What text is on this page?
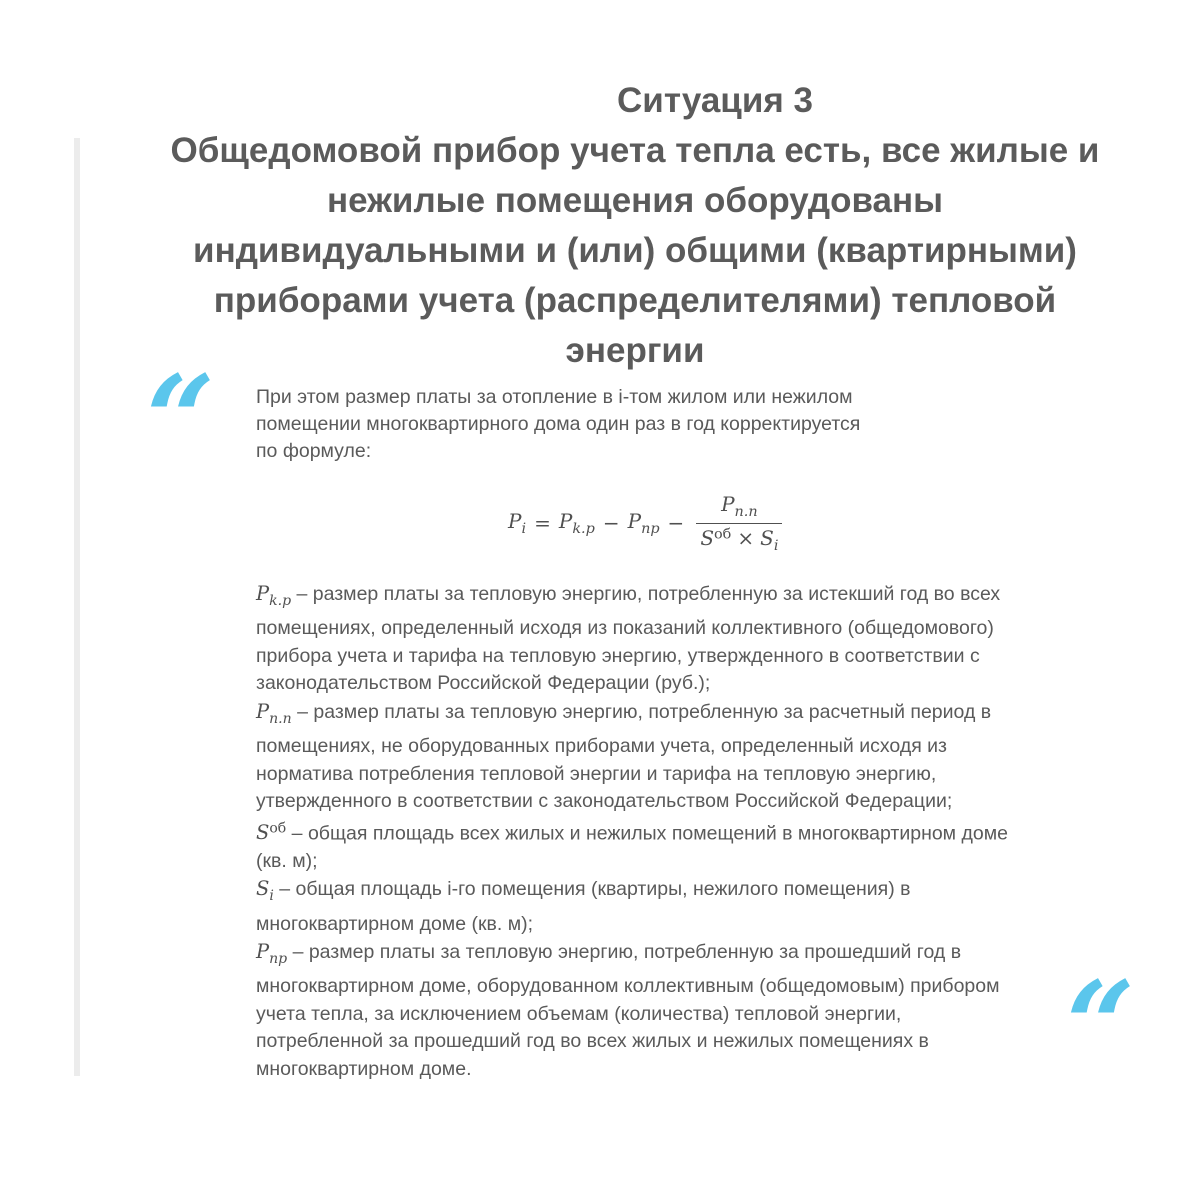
Ситуация 3
Общедомовой прибор учета тепла есть, все жилые и
нежилые помещения оборудованы
индивидуальными и (или) общими (квартирными)
приборами учета (распределителями) тепловой
энергии
“ При этом размер платы за отопление в i-том жилом или нежилом
помещении многоквартирного дома один раз в год корректируется
по формуле:
$P_i = P_{k.p} - P_{np} - \frac{P_{n.n}}{S^{об} \times S_i}$

$P_{k.p}$ – размер платы за тепловую энергию, потребленную за истекший год во всех помещениях, определенный исходя из показаний коллективного (общедомового) прибора учета и тарифа на тепловую энергию, утвержденного в соответствии с законодательством Российской Федерации (руб.);

$P_{n.n}$ – размер платы за тепловую энергию, потребленную за расчетный период в помещениях, не оборудованных приборами учета, определенный исходя из норматива потребления тепловой энергии и тарифа на тепловую энергию, утвержденного в соответствии с законодательством Российской Федерации;

$S^{об}$ – общая площадь всех жилых и нежилых помещений в многоквартирном доме (кв. м);

$S_i$ – общая площадь i-го помещения (квартиры, нежилого помещения) в многоквартирном доме (кв. м);

$P_{np}$ – размер платы за тепловую энергию, потребленную за прошедший год в многоквартирном доме, оборудованном коллективным (общедомовым) прибором учета тепла, за исключением объемам (количества) тепловой энергии, потребленной за прошедший год во всех жилых и нежилых помещениях в многоквартирном доме.	“
